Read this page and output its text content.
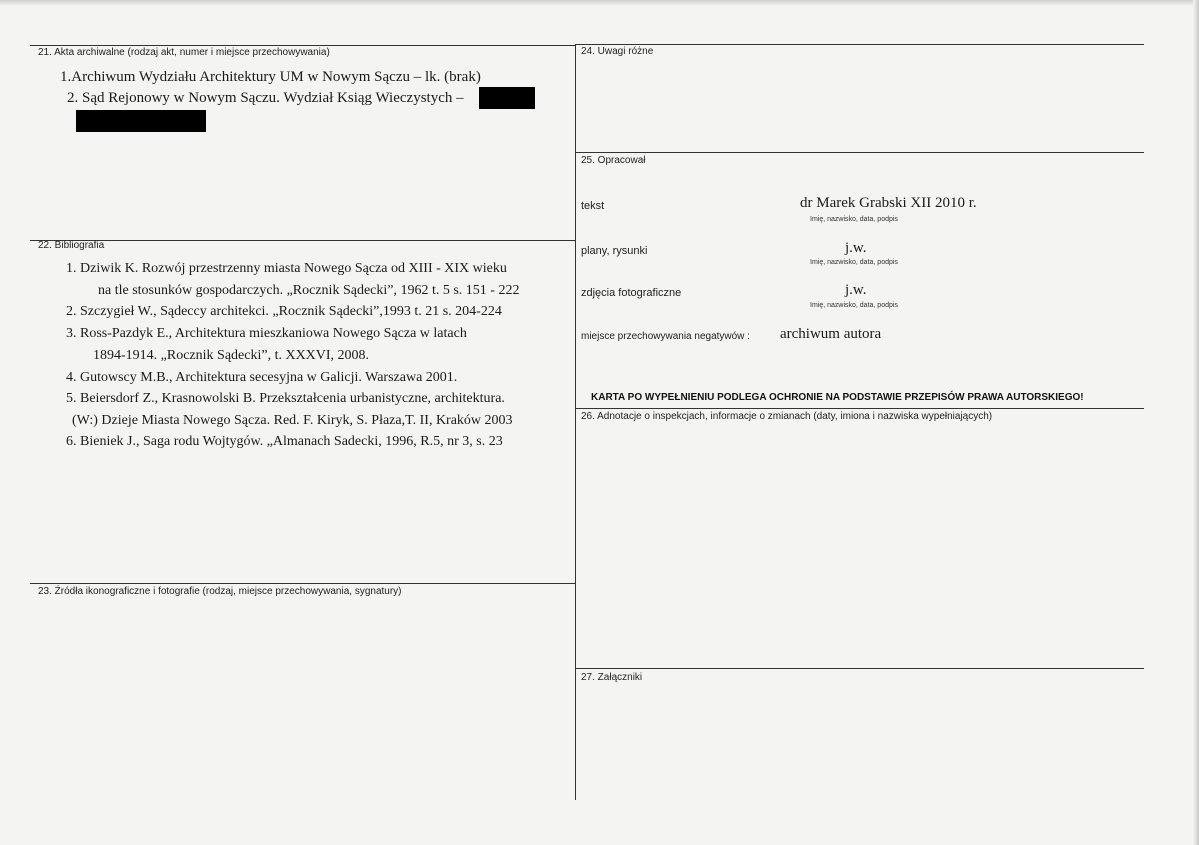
21. Akta archiwalne (rodzaj akt, numer i miejsce przechowywania)
1.Archiwum Wydziału Architektury UM w Nowym Sączu – lk. (brak)
2. Sąd Rejonowy w Nowym Sączu. Wydział Ksiąg Wieczystych –
22. Bibliografia
1. Dziwik K. Rozwój przestrzenny miasta Nowego Sącza od XIII - XIX wieku
na tle stosunków gospodarczych. „Rocznik Sądecki”, 1962 t. 5 s. 151 - 222
2. Szczygieł W., Sądeccy architekci. „Rocznik Sądecki”,1993 t. 21 s. 204-224
3. Ross-Pazdyk E., Architektura mieszkaniowa Nowego Sącza w latach
1894-1914. „Rocznik Sądecki”, t. XXXVI, 2008.
4. Gutowscy M.B., Architektura secesyjna w Galicji. Warszawa 2001.
5. Beiersdorf Z., Krasnowolski B. Przekształcenia urbanistyczne, architektura.
(W:) Dzieje Miasta Nowego Sącza. Red. F. Kiryk, S. Płaza,T. II, Kraków 2003
6. Bieniek J., Saga rodu Wojtygów. „Almanach Sadecki, 1996, R.5, nr 3, s. 23
23. Źródła ikonograficzne i fotografie (rodzaj, miejsce przechowywania, sygnatury)
24. Uwagi różne
25. Opracował
tekst	dr Marek Grabski XII 2010 r.
Imię, nazwisko, data, podpis
plany, rysunki	j.w.
Imię, nazwisko, data, podpis
zdjęcia fotograficzne	j.w.
Imię, nazwisko, data, podpis
miejsce przechowywania negatywów : archiwum autora
KARTA PO WYPEŁNIENIU PODLEGA OCHRONIE NA PODSTAWIE PRZEPISÓW PRAWA AUTORSKIEGO!
26. Adnotacje o inspekcjach, informacje o zmianach (daty, imiona i nazwiska wypełniających)
27. Załączniki
